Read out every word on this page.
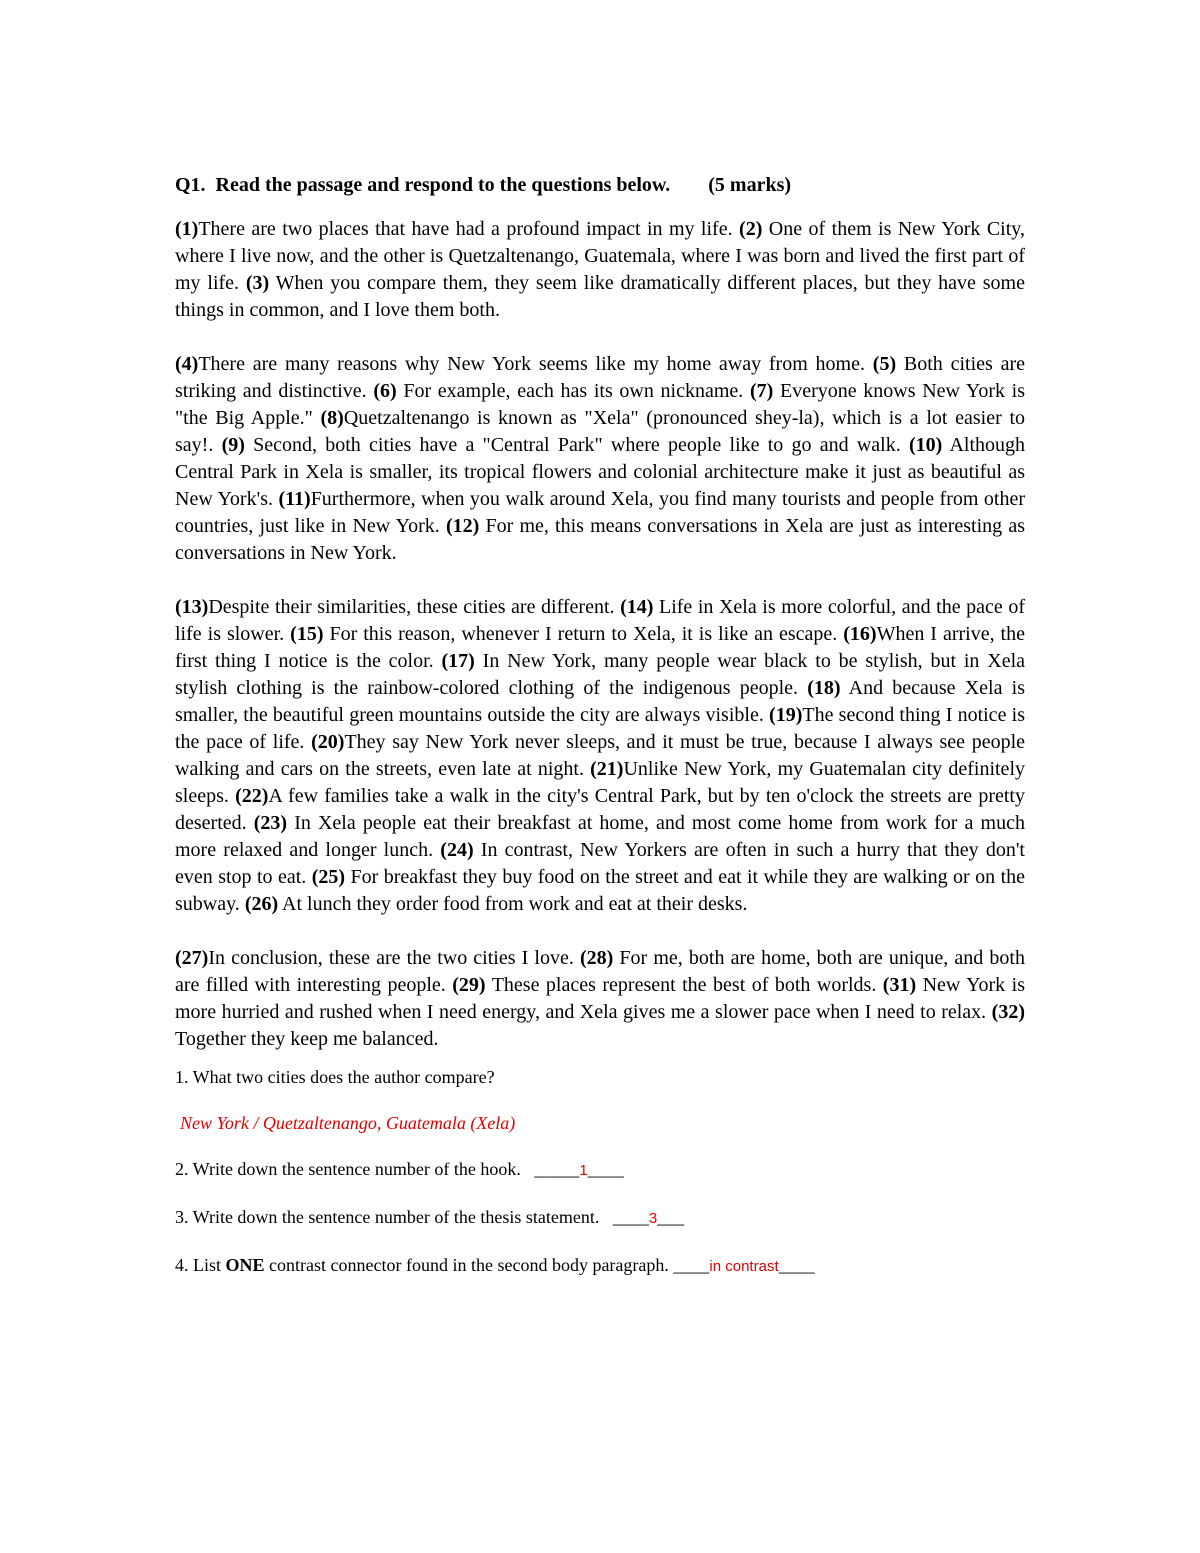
Q1.  Read the passage and respond to the questions below. (5 marks)

(1)There are two places that have had a profound impact in my life. (2) One of them is New York City, where I live now, and the other is Quetzaltenango, Guatemala, where I was born and lived the first part of my life. (3) When you compare them, they seem like dramatically different places, but they have some things in common, and I love them both.

(4)There are many reasons why New York seems like my home away from home. (5) Both cities are striking and distinctive. (6) For example, each has its own nickname. (7) Everyone knows New York is "the Big Apple." (8)Quetzaltenango is known as "Xela" (pronounced shey-la), which is a lot easier to say!. (9) Second, both cities have a "Central Park" where people like to go and walk. (10) Although Central Park in Xela is smaller, its tropical flowers and colonial architecture make it just as beautiful as New York's. (11)Furthermore, when you walk around Xela, you find many tourists and people from other countries, just like in New York. (12) For me, this means conversations in Xela are just as interesting as conversations in New York.

(13)Despite their similarities, these cities are different. (14) Life in Xela is more colorful, and the pace of life is slower. (15) For this reason, whenever I return to Xela, it is like an escape. (16)When I arrive, the first thing I notice is the color. (17) In New York, many people wear black to be stylish, but in Xela stylish clothing is the rainbow-colored clothing of the indigenous people. (18) And because Xela is smaller, the beautiful green mountains outside the city are always visible. (19)The second thing I notice is the pace of life. (20)They say New York never sleeps, and it must be true, because I always see people walking and cars on the streets, even late at night. (21)Unlike New York, my Guatemalan city definitely sleeps. (22)A few families take a walk in the city's Central Park, but by ten o'clock the streets are pretty deserted. (23) In Xela people eat their breakfast at home, and most come home from work for a much more relaxed and longer lunch. (24) In contrast, New Yorkers are often in such a hurry that they don't even stop to eat. (25) For breakfast they buy food on the street and eat it while they are walking or on the subway. (26) At lunch they order food from work and eat at their desks.

(27)In conclusion, these are the two cities I love. (28) For me, both are home, both are unique, and both are filled with interesting people. (29) These places represent the best of both worlds. (31) New York is more hurried and rushed when I need energy, and Xela gives me a slower pace when I need to relax. (32) Together they keep me balanced.

1. What two cities does the author compare?
New York / Quetzaltenango, Guatemala (Xela)
2. Write down the sentence number of the hook. _____1____
3. Write down the sentence number of the thesis statement. ____3___
4. List ONE contrast connector found in the second body paragraph. ____in contrast____
